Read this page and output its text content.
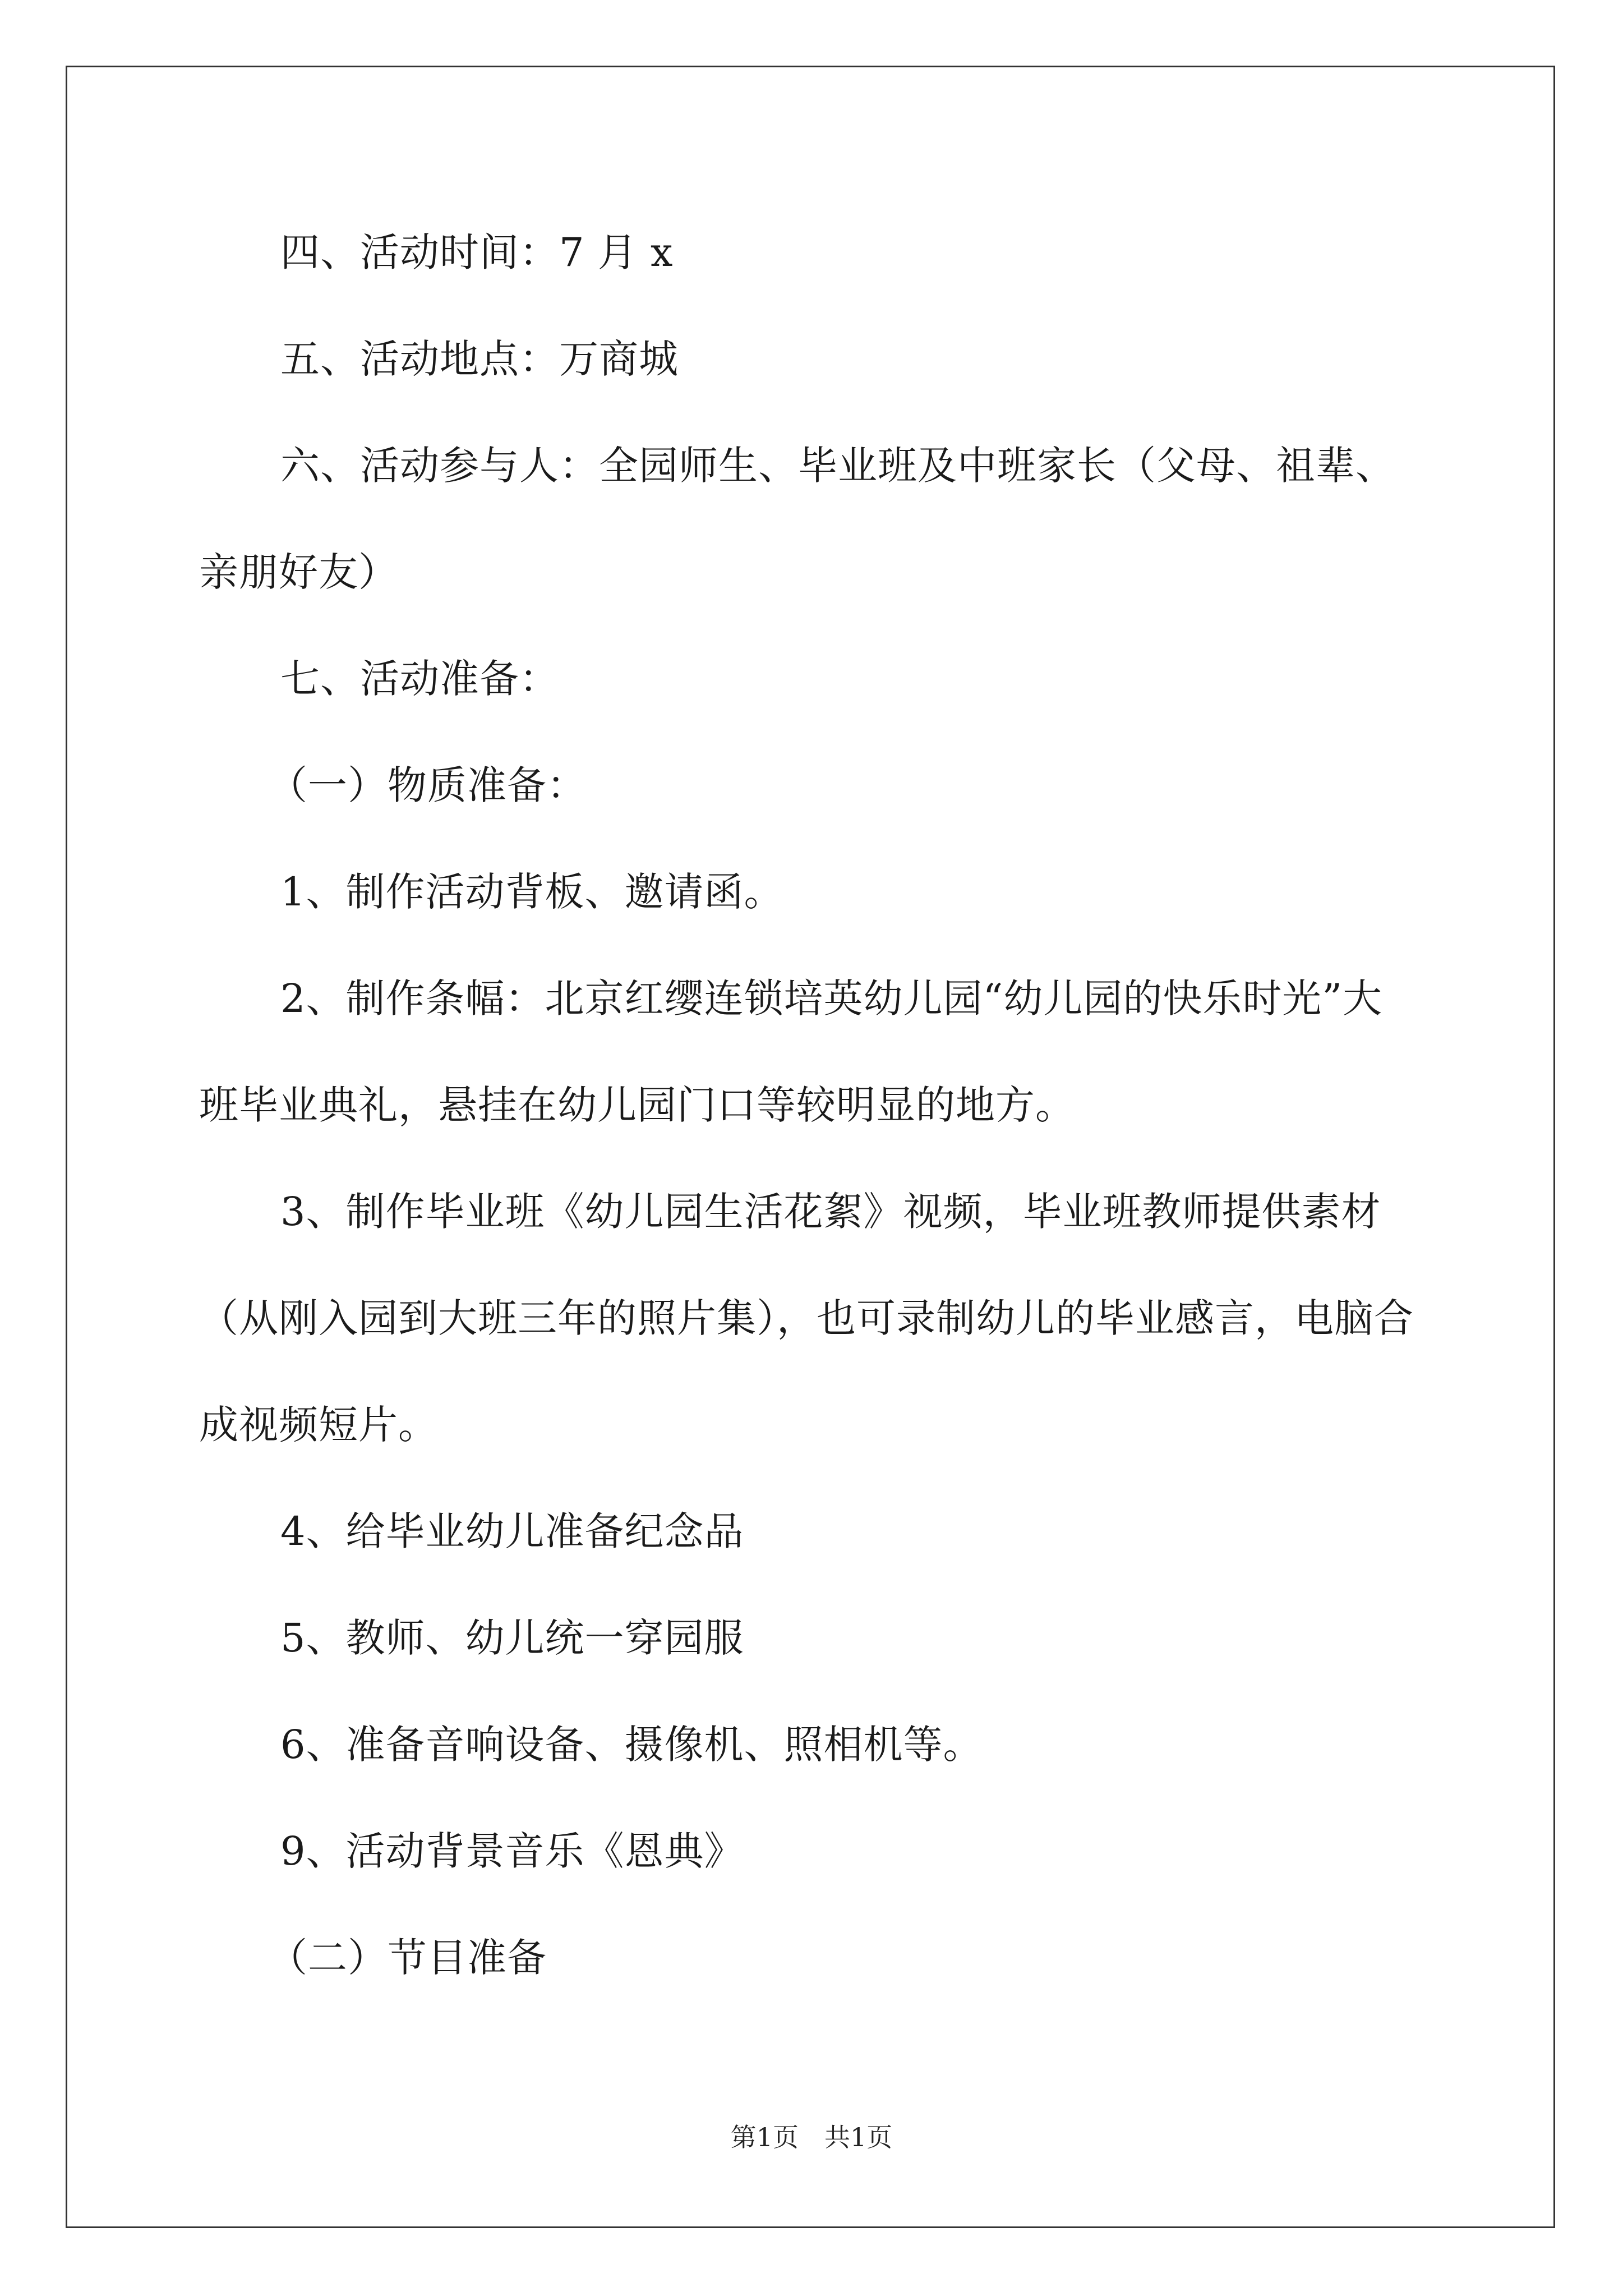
四、活动时间：7 月 x
五、活动地点：万商城
六、活动参与人：全园师生、毕业班及中班家长（父母、祖辈、
亲朋好友）
七、活动准备：
（一）物质准备：
1、制作活动背板、邀请函。
2、制作条幅：北京红缨连锁培英幼儿园“幼儿园的快乐时光”大
班毕业典礼，悬挂在幼儿园门口等较明显的地方。
3、制作毕业班《幼儿园生活花絮》视频，毕业班教师提供素材
（从刚入园到大班三年的照片集），也可录制幼儿的毕业感言，电脑合
成视频短片。
4、给毕业幼儿准备纪念品
5、教师、幼儿统一穿园服
6、准备音响设备、摄像机、照相机等。
9、活动背景音乐《恩典》
（二）节目准备
第1页　共1页
